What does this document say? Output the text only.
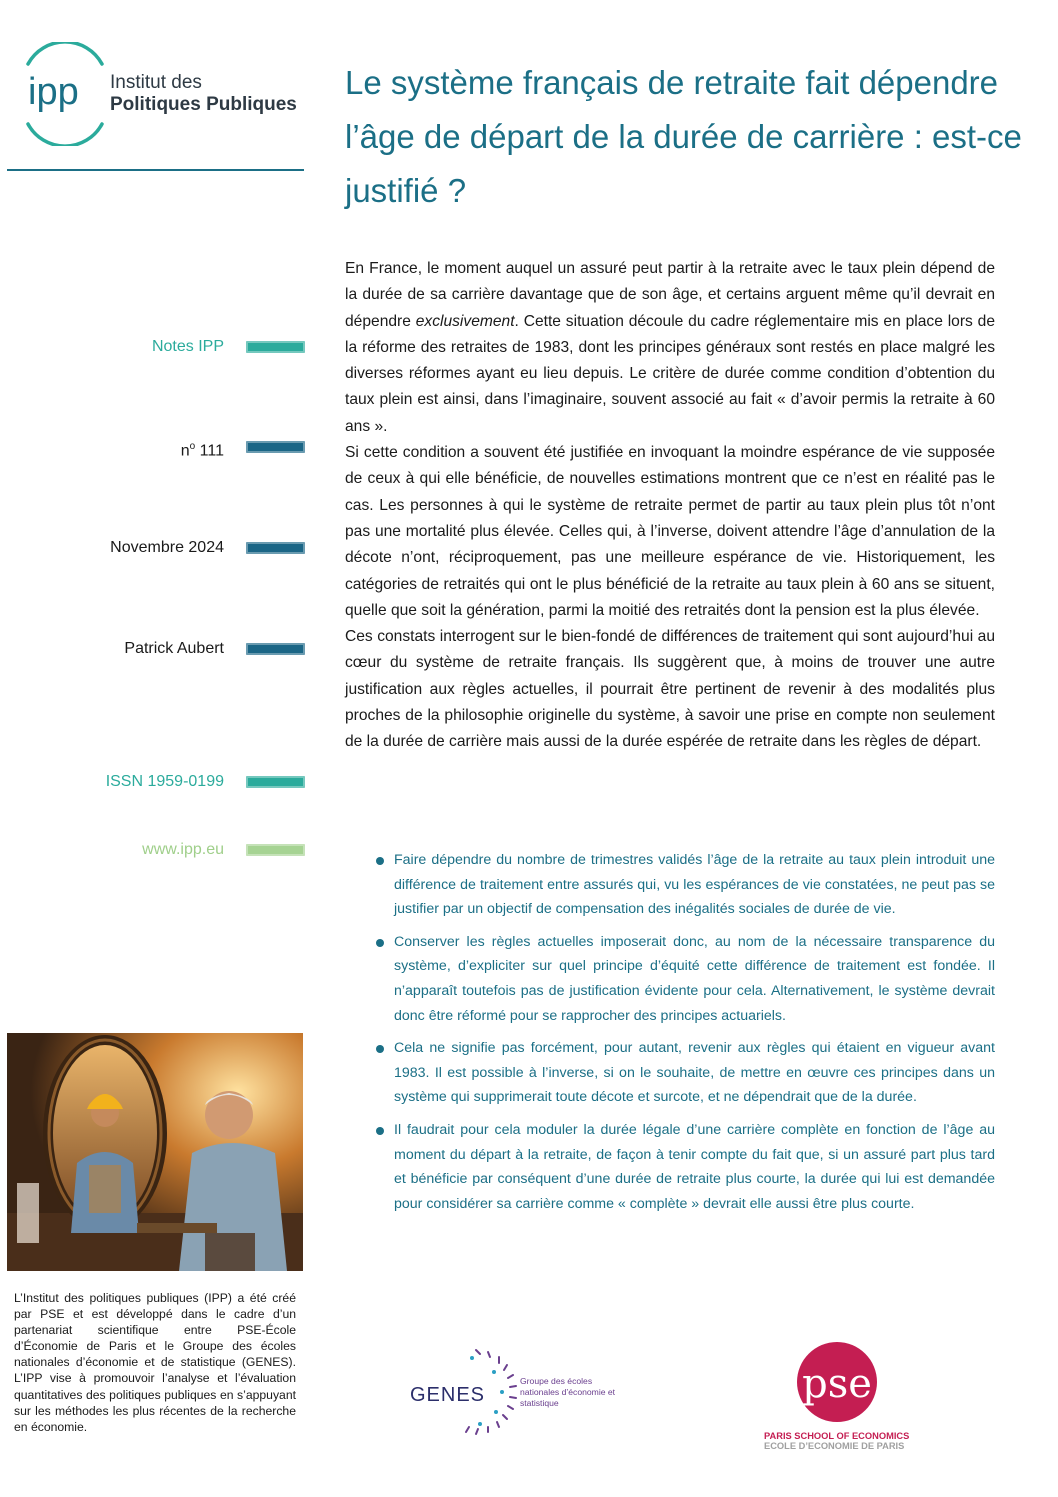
ipp Institut des
Politiques Publiques
Le système français de retraite fait dépendre l’âge de départ de la durée de carrière : est-ce justifié ?
Notes IPP
$n^o$ 111
Novembre 2024
Patrick Aubert
ISSN 1959-0199
www.ipp.eu

En France, le moment auquel un assuré peut partir à la retraite avec le taux plein dépend de la durée de sa carrière davantage que de son âge, et certains arguent même qu’il devrait en dépendre exclusivement. Cette situation découle du cadre réglementaire mis en place lors de la réforme des retraites de 1983, dont les principes généraux sont restés en place malgré les diverses réformes ayant eu lieu depuis. Le critère de durée comme condition d’obtention du taux plein est ainsi, dans l’imaginaire, souvent associé au fait « d’avoir permis la retraite à 60 ans ».

Si cette condition a souvent été justifiée en invoquant la moindre espérance de vie supposée de ceux à qui elle bénéficie, de nouvelles estimations montrent que ce n’est en réalité pas le cas. Les personnes à qui le système de retraite permet de partir au taux plein plus tôt n’ont pas une mortalité plus élevée. Celles qui, à l’inverse, doivent attendre l’âge d’annulation de la décote n’ont, réciproquement, pas une meilleure espérance de vie. Historiquement, les catégories de retraités qui ont le plus bénéficié de la retraite au taux plein à 60 ans se situent, quelle que soit la génération, parmi la moitié des retraités dont la pension est la plus élevée.

Ces constats interrogent sur le bien-fondé de différences de traitement qui sont aujourd’hui au cœur du système de retraite français. Ils suggèrent que, à moins de trouver une autre justification aux règles actuelles, il pourrait être pertinent de revenir à des modalités plus proches de la philosophie originelle du système, à savoir une prise en compte non seulement de la durée de carrière mais aussi de la durée espérée de retraite dans les règles de départ.

Faire dépendre du nombre de trimestres validés l’âge de la retraite au taux plein introduit une différence de traitement entre assurés qui, vu les espérances de vie constatées, ne peut pas se justifier par un objectif de compensation des inégalités sociales de durée de vie.
Conserver les règles actuelles imposerait donc, au nom de la nécessaire transparence du système, d’expliciter sur quel principe d’équité cette différence de traitement est fondée. Il n’apparaît toutefois pas de justification évidente pour cela. Alternativement, le système devrait donc être réformé pour se rapprocher des principes actuariels.
Cela ne signifie pas forcément, pour autant, revenir aux règles qui étaient en vigueur avant 1983. Il est possible à l’inverse, si on le souhaite, de mettre en œuvre ces principes dans un système qui supprimerait toute décote et surcote, et ne dépendrait que de la durée.
Il faudrait pour cela moduler la durée légale d’une carrière complète en fonction de l’âge au moment du départ à la retraite, de façon à tenir compte du fait que, si un assuré part plus tard et bénéficie par conséquent d’une durée de retraite plus courte, la durée qui lui est demandée pour considérer sa carrière comme « complète » devrait elle aussi être plus courte.
L’Institut des politiques publiques (IPP) a été créé par PSE et est développé dans le cadre d’un partenariat scientifique entre PSE-École d’Économie de Paris et le Groupe des écoles nationales d’économie et de statistique (GENES). L’IPP vise à promouvoir l’analyse et l’évaluation quantitatives des politiques publiques en s’appuyant sur les méthodes les plus récentes de la recherche en économie.
GENES
Groupe des écoles nationales d’économie et statistique	pse
PARIS SCHOOL OF ECONOMICS
ECOLE D’ECONOMIE DE PARIS
